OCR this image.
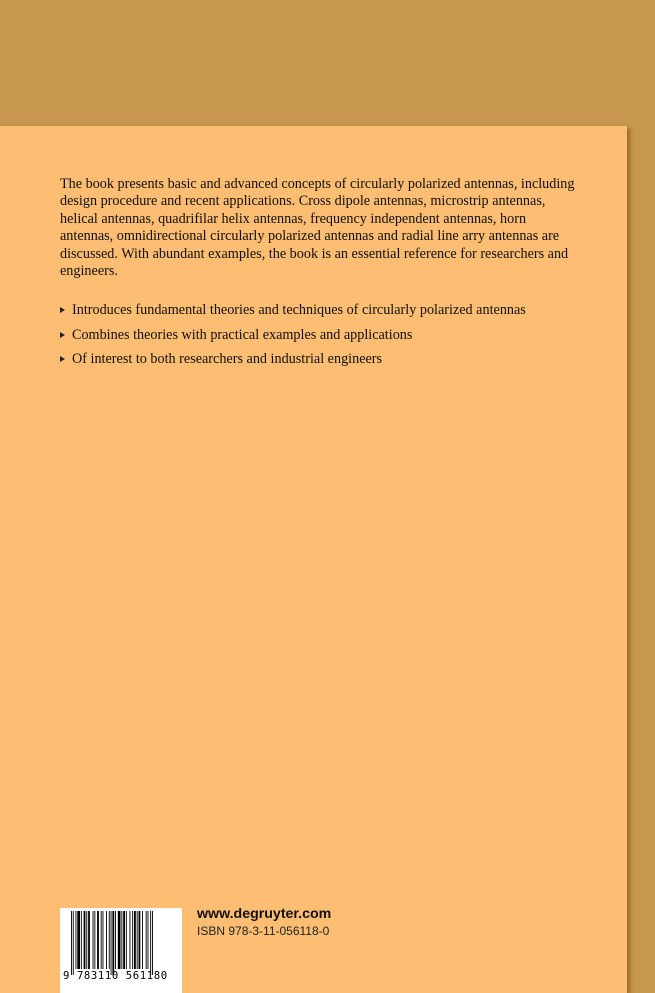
The book presents basic and advanced concepts of circularly polarized antennas, including design procedure and recent applications. Cross dipole antennas, microstrip antennas, helical antennas, quadrifilar helix antennas, frequency independent antennas, horn antennas, omnidirectional circularly polarized antennas and radial line arry antennas are discussed. With abundant examples, the book is an essential reference for researchers and engineers.

Introduces fundamental theories and techniques of circularly polarized antennas
Combines theories with practical examples and applications
Of interest to both researchers and industrial engineers
9 783110 561180
www.degruyter.com
ISBN 978-3-11-056118-0
